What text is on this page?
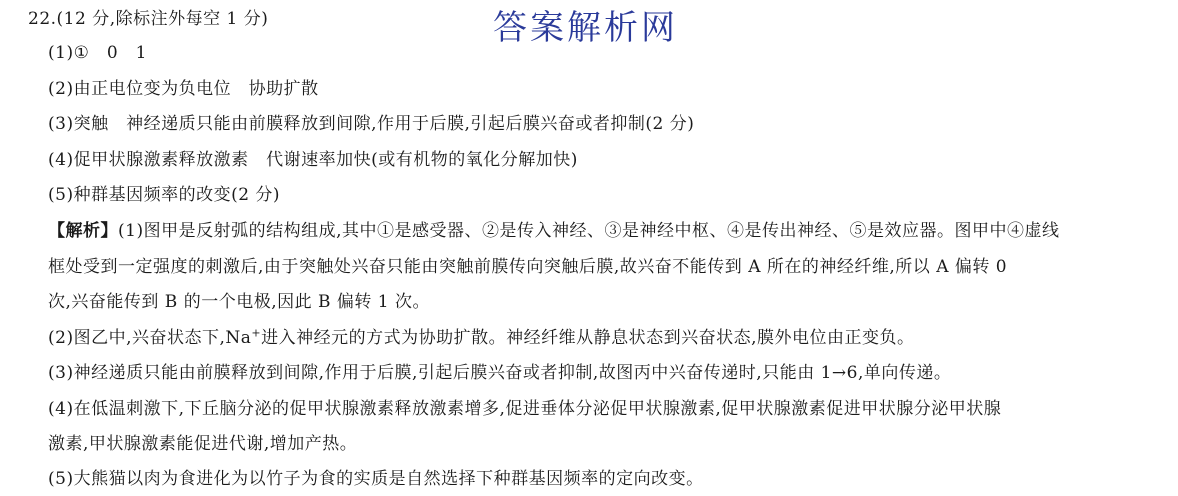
答案解析网
22.(12 分,除标注外每空 1 分)
(1)①　0　1
(2)由正电位变为负电位　协助扩散
(3)突触　神经递质只能由前膜释放到间隙,作用于后膜,引起后膜兴奋或者抑制(2 分)
(4)促甲状腺激素释放激素　代谢速率加快(或有机物的氧化分解加快)
(5)种群基因频率的改变(2 分)
【解析】(1)图甲是反射弧的结构组成,其中①是感受器、②是传入神经、③是神经中枢、④是传出神经、⑤是效应器。图甲中④虚线
框处受到一定强度的刺激后,由于突触处兴奋只能由突触前膜传向突触后膜,故兴奋不能传到 A 所在的神经纤维,所以 A 偏转 0
次,兴奋能传到 B 的一个电极,因此 B 偏转 1 次。
(2)图乙中,兴奋状态下,Na+进入神经元的方式为协助扩散。神经纤维从静息状态到兴奋状态,膜外电位由正变负。
(3)神经递质只能由前膜释放到间隙,作用于后膜,引起后膜兴奋或者抑制,故图丙中兴奋传递时,只能由 1→6,单向传递。
(4)在低温刺激下,下丘脑分泌的促甲状腺激素释放激素增多,促进垂体分泌促甲状腺激素,促甲状腺激素促进甲状腺分泌甲状腺
激素,甲状腺激素能促进代谢,增加产热。
(5)大熊猫以肉为食进化为以竹子为食的实质是自然选择下种群基因频率的定向改变。
